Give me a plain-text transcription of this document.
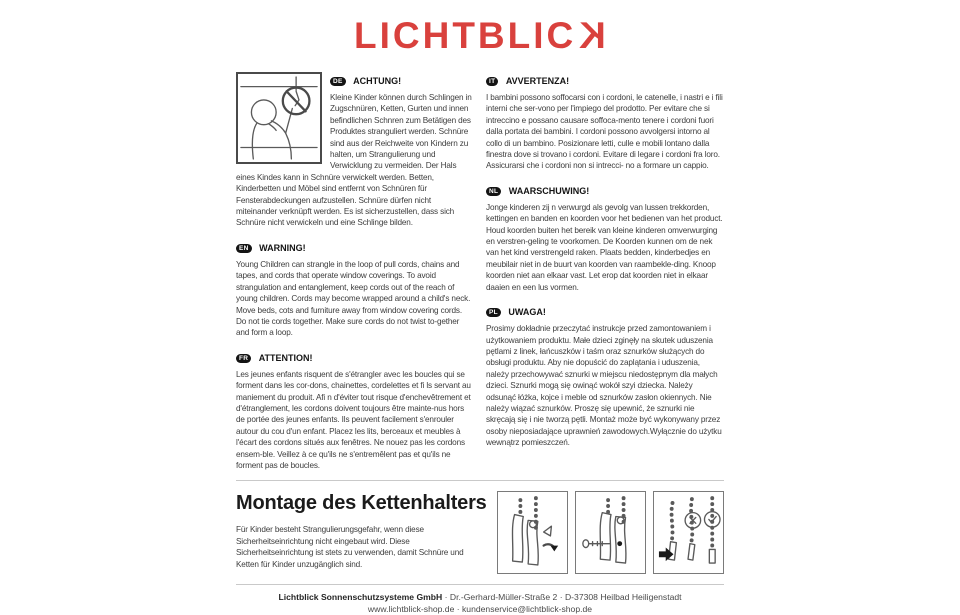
LICHTBLICK
DE ACHTUNG!

Kleine Kinder können durch Schlingen in Zugschnüren, Ketten, Gurten und innen befindlichen Schnren zum Betätigen des Produktes stranguliert werden. Schnüre sind aus der Reichweite von Kindern zu halten, um Strangulierung und Verwicklung zu vermeiden. Der Hals eines Kindes kann in Schnüre verwickelt werden. Betten, Kinderbetten und Möbel sind entfernt von Schnüren für Fensterabdeckungen aufzustellen. Schnüre dürfen nicht miteinander verknüpft werden. Es ist sicherzustellen, dass sich Schnüre nicht verwickeln und eine Schlinge bilden.

EN WARNING!

Young Children can strangle in the loop of pull cords, chains and tapes, and cords that operate window coverings. To avoid strangulation and entanglement, keep cords out of the reach of young children. Cords may become wrapped around a child's neck. Move beds, cots and furniture away from window covering cords. Do not tie cords together. Make sure cords do not twist to-gether and form a loop.

FR ATTENTION!

Les jeunes enfants risquent de s'étrangler avec les boucles qui se forment dans les cor-dons, chainettes, cordelettes et fi ls servant au maniement du produit. Afi n d'éviter tout risque d'enchevêtrement et d'étranglement, les cordons doivent toujours être mainte-nus hors de portée des jeunes enfants. Ils peuvent facilement s'enrouler autour du cou d'un enfant. Placez les lits, berceaux et meubles à l'écart des cordons situés aux fenêtres. Ne nouez pas les cordons ensem-ble. Veillez à ce qu'ils ne s'entremêlent pas et qu'ils ne forment pas de boucles.

IT AVVERTENZA!

I bambini possono soffocarsi con i cordoni, le catenelle, i nastri e i fili interni che ser-vono per l'impiego del prodotto. Per evitare che si intreccino e possano causare soffoca-mento tenere i cordoni fuori dalla portata dei bambini. I cordoni possono avvolgersi intorno al collo di un bambino. Posizionare letti, culle e mobili lontano dalla finestra dove si trovano i cordoni. Evitare di legare i cordoni fra loro. Assicurarsi che i cordoni non si intrecci- no a formare un cappio.

NL WAARSCHUWING!

Jonge kinderen zij n verwurgd als gevolg van lussen trekkorden, kettingen en banden en koorden voor het bedienen van het product. Houd koorden buiten het bereik van kleine kinderen omverwurging en verstren-geling te voorkomen. De Koorden kunnen om de nek van het kind verstrengeld raken. Plaats bedden, kinderbedjes en meubilair niet in de buurt van koorden van raambekle-ding. Knoop koorden niet aan elkaar vast. Let erop dat koorden niet in elkaar daaien en een lus vormen.

PL UWAGA!

Prosimy dokładnie przeczytać instrukcje przed zamontowaniem i użytkowaniem produktu. Małe dzieci zginęły na skutek uduszenia pętlami z linek, łańcuszków i taśm oraz sznurków służących do obsługi produktu. Aby nie dopuścić do zaplątania i uduszenia, należy przechowywać sznurki w miejscu niedostępnym dla małych dzieci. Sznurki mogą się owinąć wokół szyi dziecka. Należy odsunąć łóżka, kojce i meble od sznurków zasłon okiennych. Nie należy wiązać sznurków. Proszę się upewnić, że sznurki nie skręcają się i nie tworzą pętli. Montaż może być wykonywany przez osoby nieposiadające uprawnień zawodowych.Wyłącznie do użytku wewnątrz pomieszczeń.

Montage des Kettenhalters

Für Kinder besteht Strangulierungsgefahr, wenn diese Sicherheitseinrichtung nicht eingebaut wird. Diese Sicherheitseinrichtung ist stets zu verwenden, damit Schnüre und Ketten für Kinder unzugänglich sind.

Lichtblick Sonnenschutzsysteme GmbH · Dr.-Gerhard-Müller-Straße 2 · D-37308 Heilbad Heiligenstadt
www.lichtblick-shop.de · kundenservice@lichtblick-shop.de
